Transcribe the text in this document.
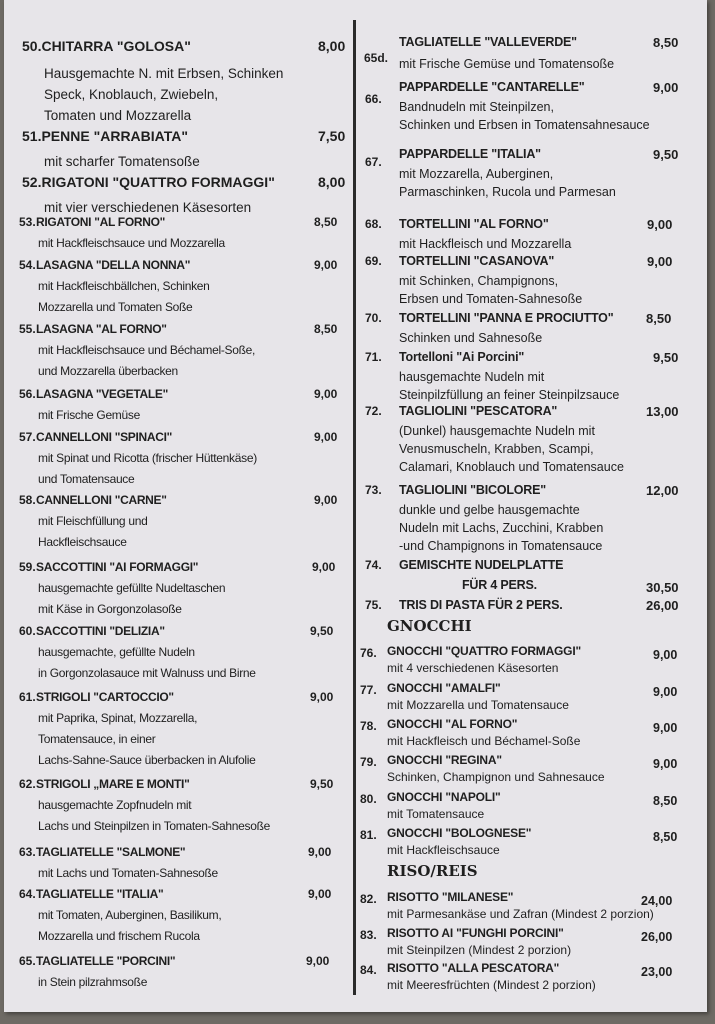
50.CHITARRA "GOLOSA"	8,00
Hausgemachte N. mit Erbsen, Schinken
Speck, Knoblauch, Zwiebeln,
Tomaten und Mozzarella
51.PENNE "ARRABIATA"	7,50
mit scharfer Tomatensoße
52.RIGATONI "QUATTRO FORMAGGI"	8,00
mit vier verschiedenen Käsesorten
53. RIGATONI "AL FORNO"	8,50
mit Hackfleischsauce und Mozzarella
54. LASAGNA "DELLA NONNA"	9,00
mit Hackfleischbällchen, Schinken
Mozzarella und Tomaten Soße
55. LASAGNA "AL FORNO"	8,50
mit Hackfleischsauce und Béchamel-Soße,
und Mozzarella überbacken
56. LASAGNA "VEGETALE"	9,00
mit Frische Gemüse
57. CANNELLONI "SPINACI"	9,00
mit Spinat und Ricotta (frischer Hüttenkäse)
und Tomatensauce
58. CANNELLONI "CARNE"	9,00
mit Fleischfüllung und
Hackfleischsauce
59. SACCOTTINI "AI FORMAGGI"	9,00
hausgemachte gefüllte Nudeltaschen
mit Käse in Gorgonzolasoße
60. SACCOTTINI "DELIZIA"	9,50
hausgemachte, gefüllte Nudeln
in Gorgonzolasauce mit Walnuss und Birne
61. STRIGOLI "CARTOCCIO"	9,00
mit Paprika, Spinat, Mozzarella,
Tomatensauce, in einer
Lachs-Sahne-Sauce überbacken in Alufolie
62. STRIGOLI „MARE E MONTI"	9,50
hausgemachte Zopfnudeln mit
Lachs und Steinpilzen in Tomaten-Sahnesoße
63. TAGLIATELLE "SALMONE"	9,00
mit Lachs und Tomaten-Sahnesoße
64. TAGLIATELLE "ITALIA"	9,00
mit Tomaten, Auberginen, Basilikum,
Mozzarella und frischem Rucola
65. TAGLIATELLE "PORCINI"	9,00
in Stein pilzrahmsoße
65d.
TAGLIATELLE "VALLEVERDE"	8,50
mit Frische Gemüse und Tomatensoße
66.
PAPPARDELLE "CANTARELLE"	9,00
Bandnudeln mit Steinpilzen,
Schinken und Erbsen in Tomatensahnesauce
67.
PAPPARDELLE "ITALIA"	9,50
mit Mozzarella, Auberginen,
Parmaschinken, Rucola und Parmesan
68. TORTELLINI "AL FORNO"	9,00
mit Hackfleisch und Mozzarella
69. TORTELLINI "CASANOVA"	9,00
mit Schinken, Champignons,
Erbsen und Tomaten-Sahnesoße
70. TORTELLINI "PANNA E PROCIUTTO"	8,50
Schinken und Sahnesoße
71. Tortelloni "Ai Porcini"	9,50
hausgemachte Nudeln mit
Steinpilzfüllung an feiner Steinpilzsauce
72. TAGLIOLINI "PESCATORA"	13,00
(Dunkel) hausgemachte Nudeln mit
Venusmuscheln, Krabben, Scampi,
Calamari, Knoblauch und Tomatensauce
73. TAGLIOLINI "BICOLORE"	12,00
dunkle und gelbe hausgemachte
Nudeln mit Lachs, Zucchini, Krabben
-und Champignons in Tomatensauce
74. GEMISCHTE NUDELPLATTE
FÜR 4 PERS.	30,50
75. TRIS DI PASTA FÜR 2 PERS.	26,00
GNOCCHI
76. GNOCCHI "QUATTRO FORMAGGI"	9,00
mit 4 verschiedenen Käsesorten
77. GNOCCHI "AMALFI"	9,00
mit Mozzarella und Tomatensauce
78. GNOCCHI "AL FORNO"	9,00
mit Hackfleisch und Béchamel-Soße
79. GNOCCHI "REGINA"	9,00
Schinken, Champignon und Sahnesauce
80. GNOCCHI "NAPOLI"	8,50
mit Tomatensauce
81. GNOCCHI "BOLOGNESE"	8,50
mit Hackfleischsauce
RISO/REIS
82. RISOTTO "MILANESE"	24,00
mit Parmesankäse und Zafran (Mindest 2 porzion)
83. RISOTTO AI "FUNGHI PORCINI"	26,00
mit Steinpilzen (Mindest 2 porzion)
84. RISOTTO "ALLA PESCATORA"	23,00
mit Meeresfrüchten (Mindest 2 porzion)
